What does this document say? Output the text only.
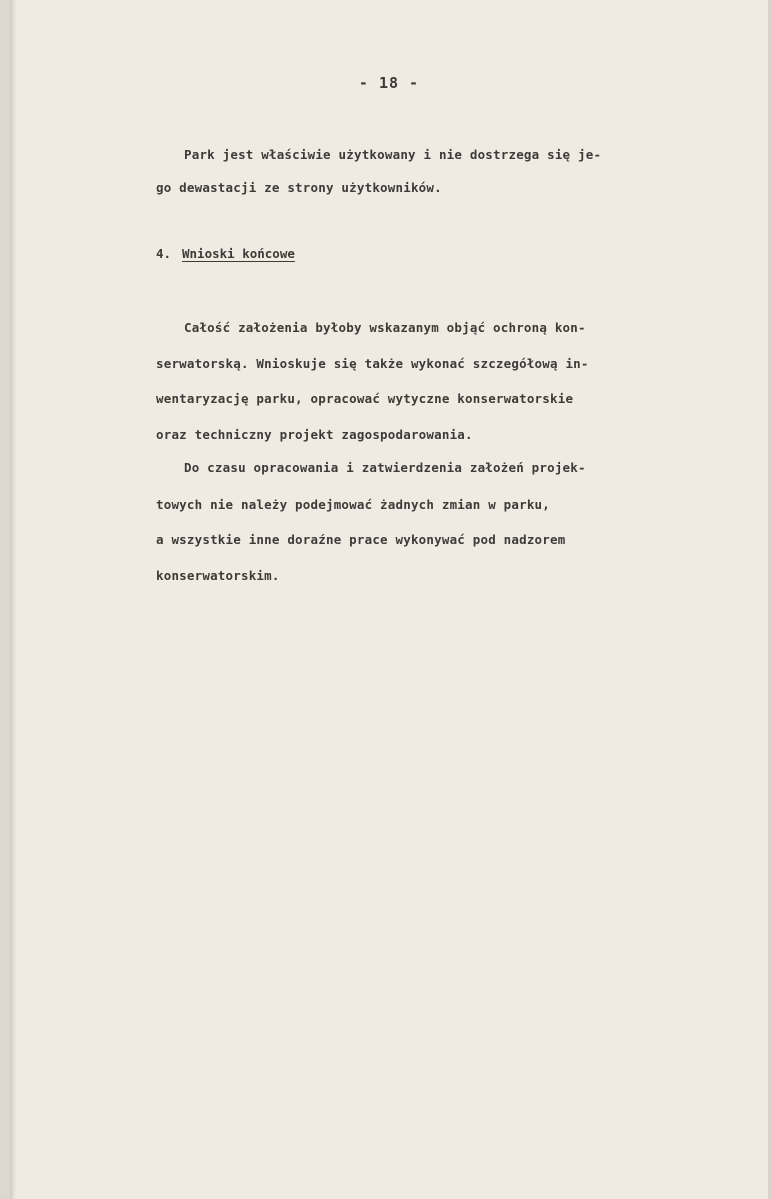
- 18 -
Park jest właściwie użytkowany i nie dostrzega się je-
go dewastacji ze strony użytkowników.
4. Wnioski końcowe
Całość założenia byłoby wskazanym objąć ochroną kon-
serwatorską. Wnioskuje się także wykonać szczegółową in-
wentaryzację parku, opracować wytyczne konserwatorskie
oraz techniczny projekt zagospodarowania.
Do czasu opracowania i zatwierdzenia założeń projek-
towych nie należy podejmować żadnych zmian w parku,
a wszystkie inne doraźne prace wykonywać pod nadzorem
konserwatorskim.
